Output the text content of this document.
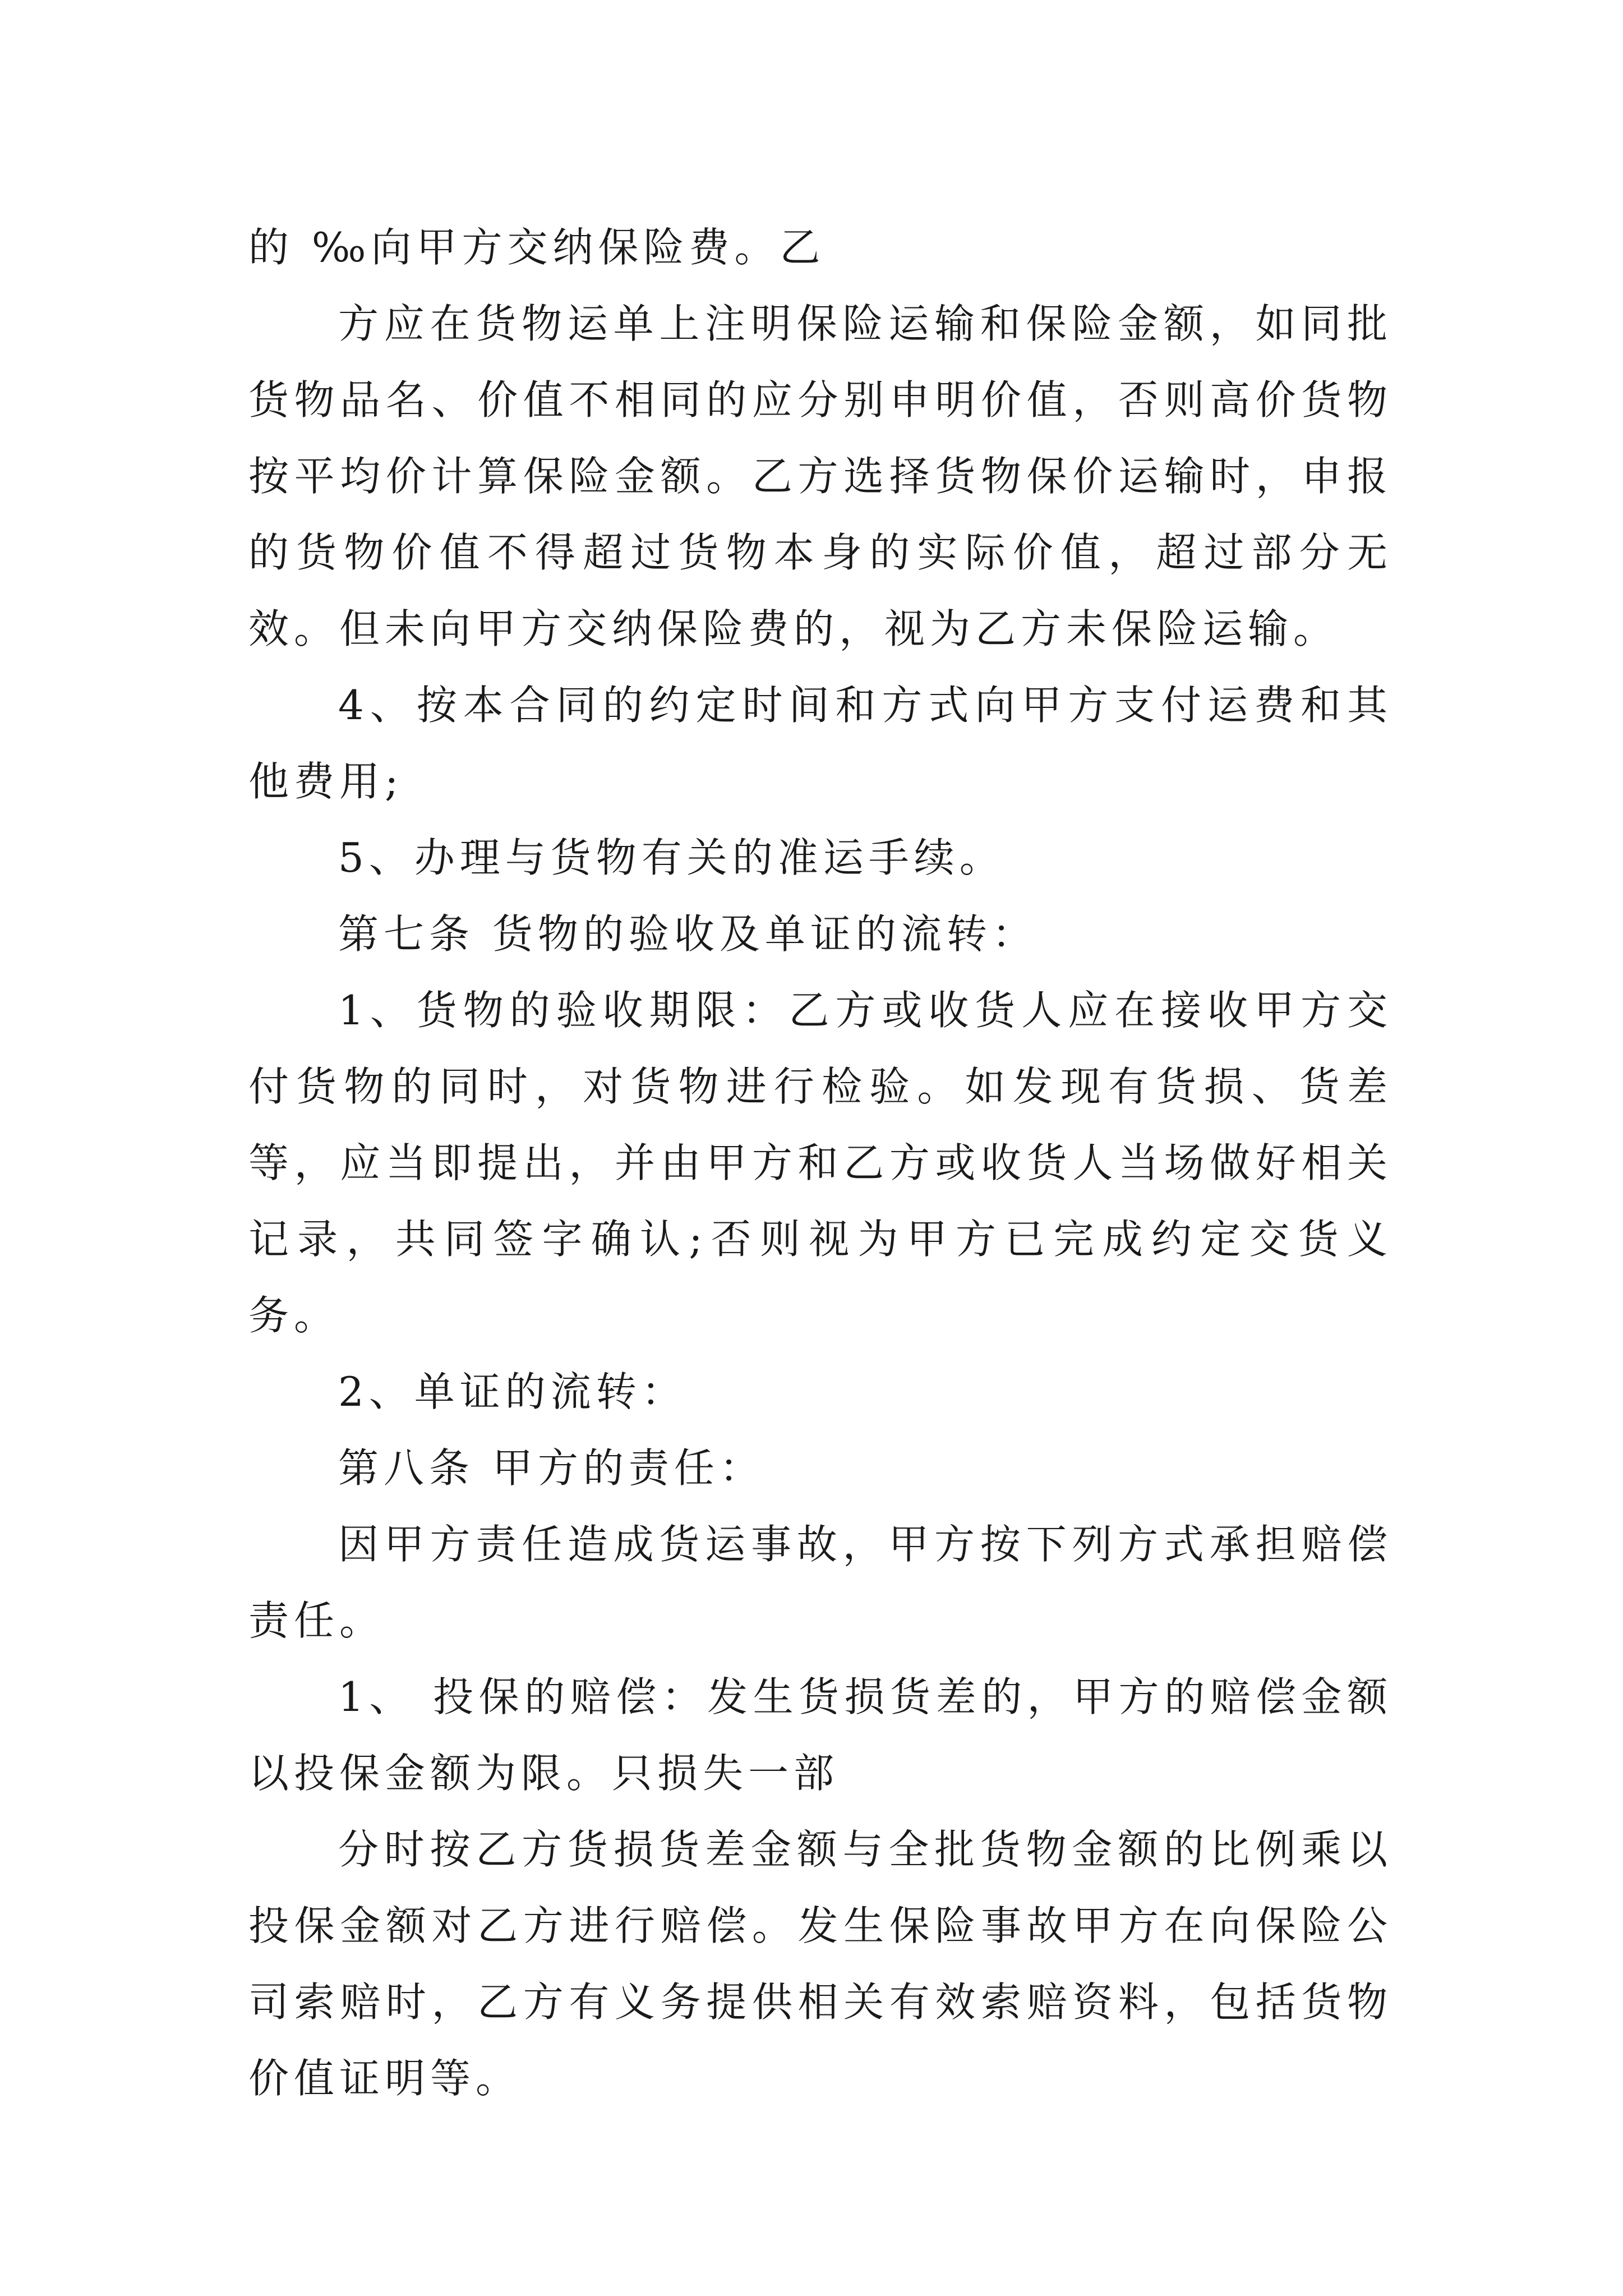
的 ‰向甲方交纳保险费。乙

方应在货物运单上注明保险运输和保险金额，如同批货物品名、价值不相同的应分别申明价值，否则高价货物按平均价计算保险金额。乙方选择货物保价运输时，申报的货物价值不得超过货物本身的实际价值，超过部分无效。但未向甲方交纳保险费的，视为乙方未保险运输。

4、按本合同的约定时间和方式向甲方支付运费和其他费用;

5、办理与货物有关的准运手续。

第七条 货物的验收及单证的流转：

1、货物的验收期限：乙方或收货人应在接收甲方交付货物的同时，对货物进行检验。如发现有货损、货差等，应当即提出，并由甲方和乙方或收货人当场做好相关记录，共同签字确认;否则视为甲方已完成约定交货义务。

2、单证的流转：

第八条 甲方的责任：

因甲方责任造成货运事故，甲方按下列方式承担赔偿责任。

1、 投保的赔偿：发生货损货差的，甲方的赔偿金额以投保金额为限。只损失一部

分时按乙方货损货差金额与全批货物金额的比例乘以投保金额对乙方进行赔偿。发生保险事故甲方在向保险公司索赔时，乙方有义务提供相关有效索赔资料，包括货物价值证明等。
